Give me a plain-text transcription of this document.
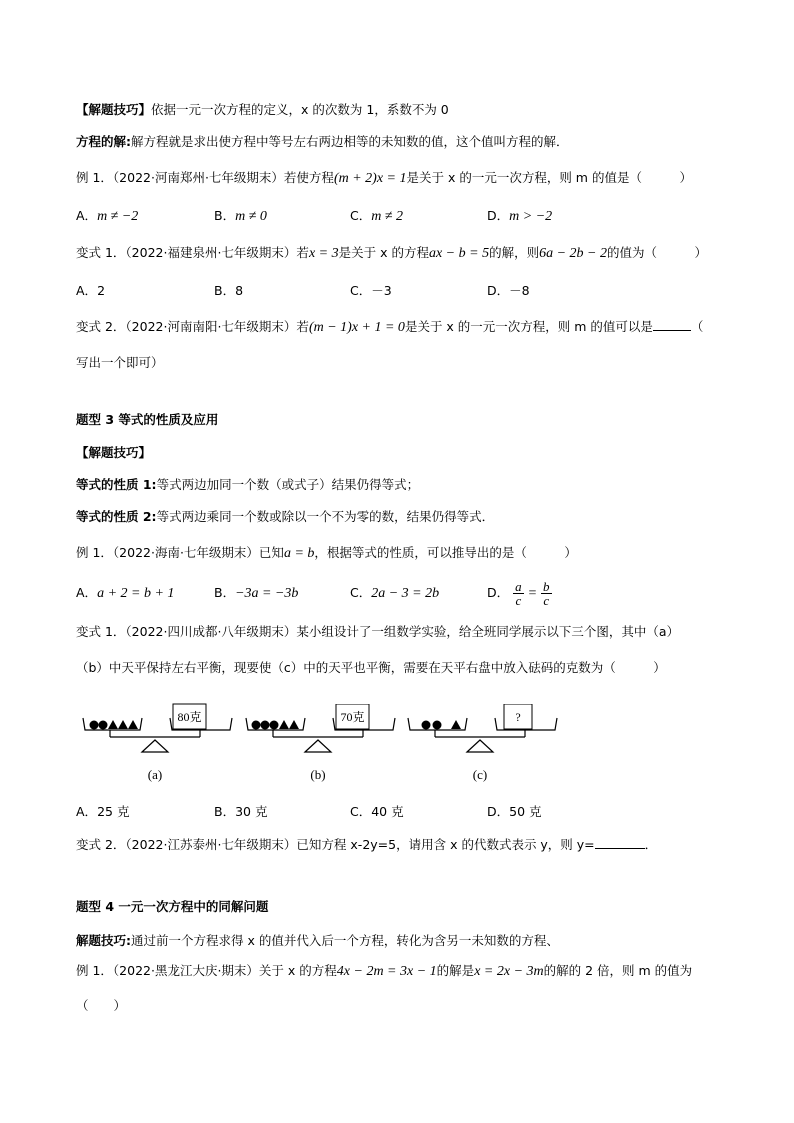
【解题技巧】依据一元一次方程的定义，x 的次数为 1，系数不为 0
方程的解:解方程就是求出使方程中等号左右两边相等的未知数的值，这个值叫方程的解．
例 1．（2022·河南郑州·七年级期末）若使方程(m + 2)x = 1是关于 x 的一元一次方程，则 m 的值是（　　　）
A．m ≠ −2	B．m ≠ 0	C．m ≠ 2	D．m > −2
变式 1．（2022·福建泉州·七年级期末）若x = 3是关于 x 的方程ax − b = 5的解，则6a − 2b − 2的值为（　　　）
A．2	B．8	C．－3	D．－8
变式 2．（2022·河南南阳·七年级期末）若(m − 1)x + 1 = 0是关于 x 的一元一次方程，则 m 的值可以是	（
写出一个即可）
题型 3 等式的性质及应用
【解题技巧】
等式的性质 1:等式两边加同一个数（或式子）结果仍得等式；
等式的性质 2:等式两边乘同一个数或除以一个不为零的数，结果仍得等式．
例 1．（2022·海南·七年级期末）已知a = b，根据等式的性质，可以推导出的是（　　　）
A．a + 2 = b + 1	B．−3a = −3b	C．2a − 3 = 2b	D． $\frac{a}{c} = \frac{b}{c}$
变式 1．（2022·四川成都·八年级期末）某小组设计了一组数学实验，给全班同学展示以下三个图，其中（a）
（b）中天平保持左右平衡，现要使（c）中的天平也平衡，需要在天平右盘中放入砝码的克数为（　　　）
80克
(a)
70克
(b)
?
(c)
A．25 克	B．30 克	C．40 克	D．50 克
变式 2．（2022·江苏泰州·七年级期末）已知方程 x-2y=5，请用含 x 的代数式表示 y，则 y=	．
题型 4 一元一次方程中的同解问题
解题技巧:通过前一个方程求得 x 的值并代入后一个方程，转化为含另一未知数的方程、
例 1．（2022·黑龙江大庆·期末）关于 x 的方程4x − 2m = 3x − 1的解是x = 2x − 3m的解的 2 倍，则 m 的值为
（　　）
